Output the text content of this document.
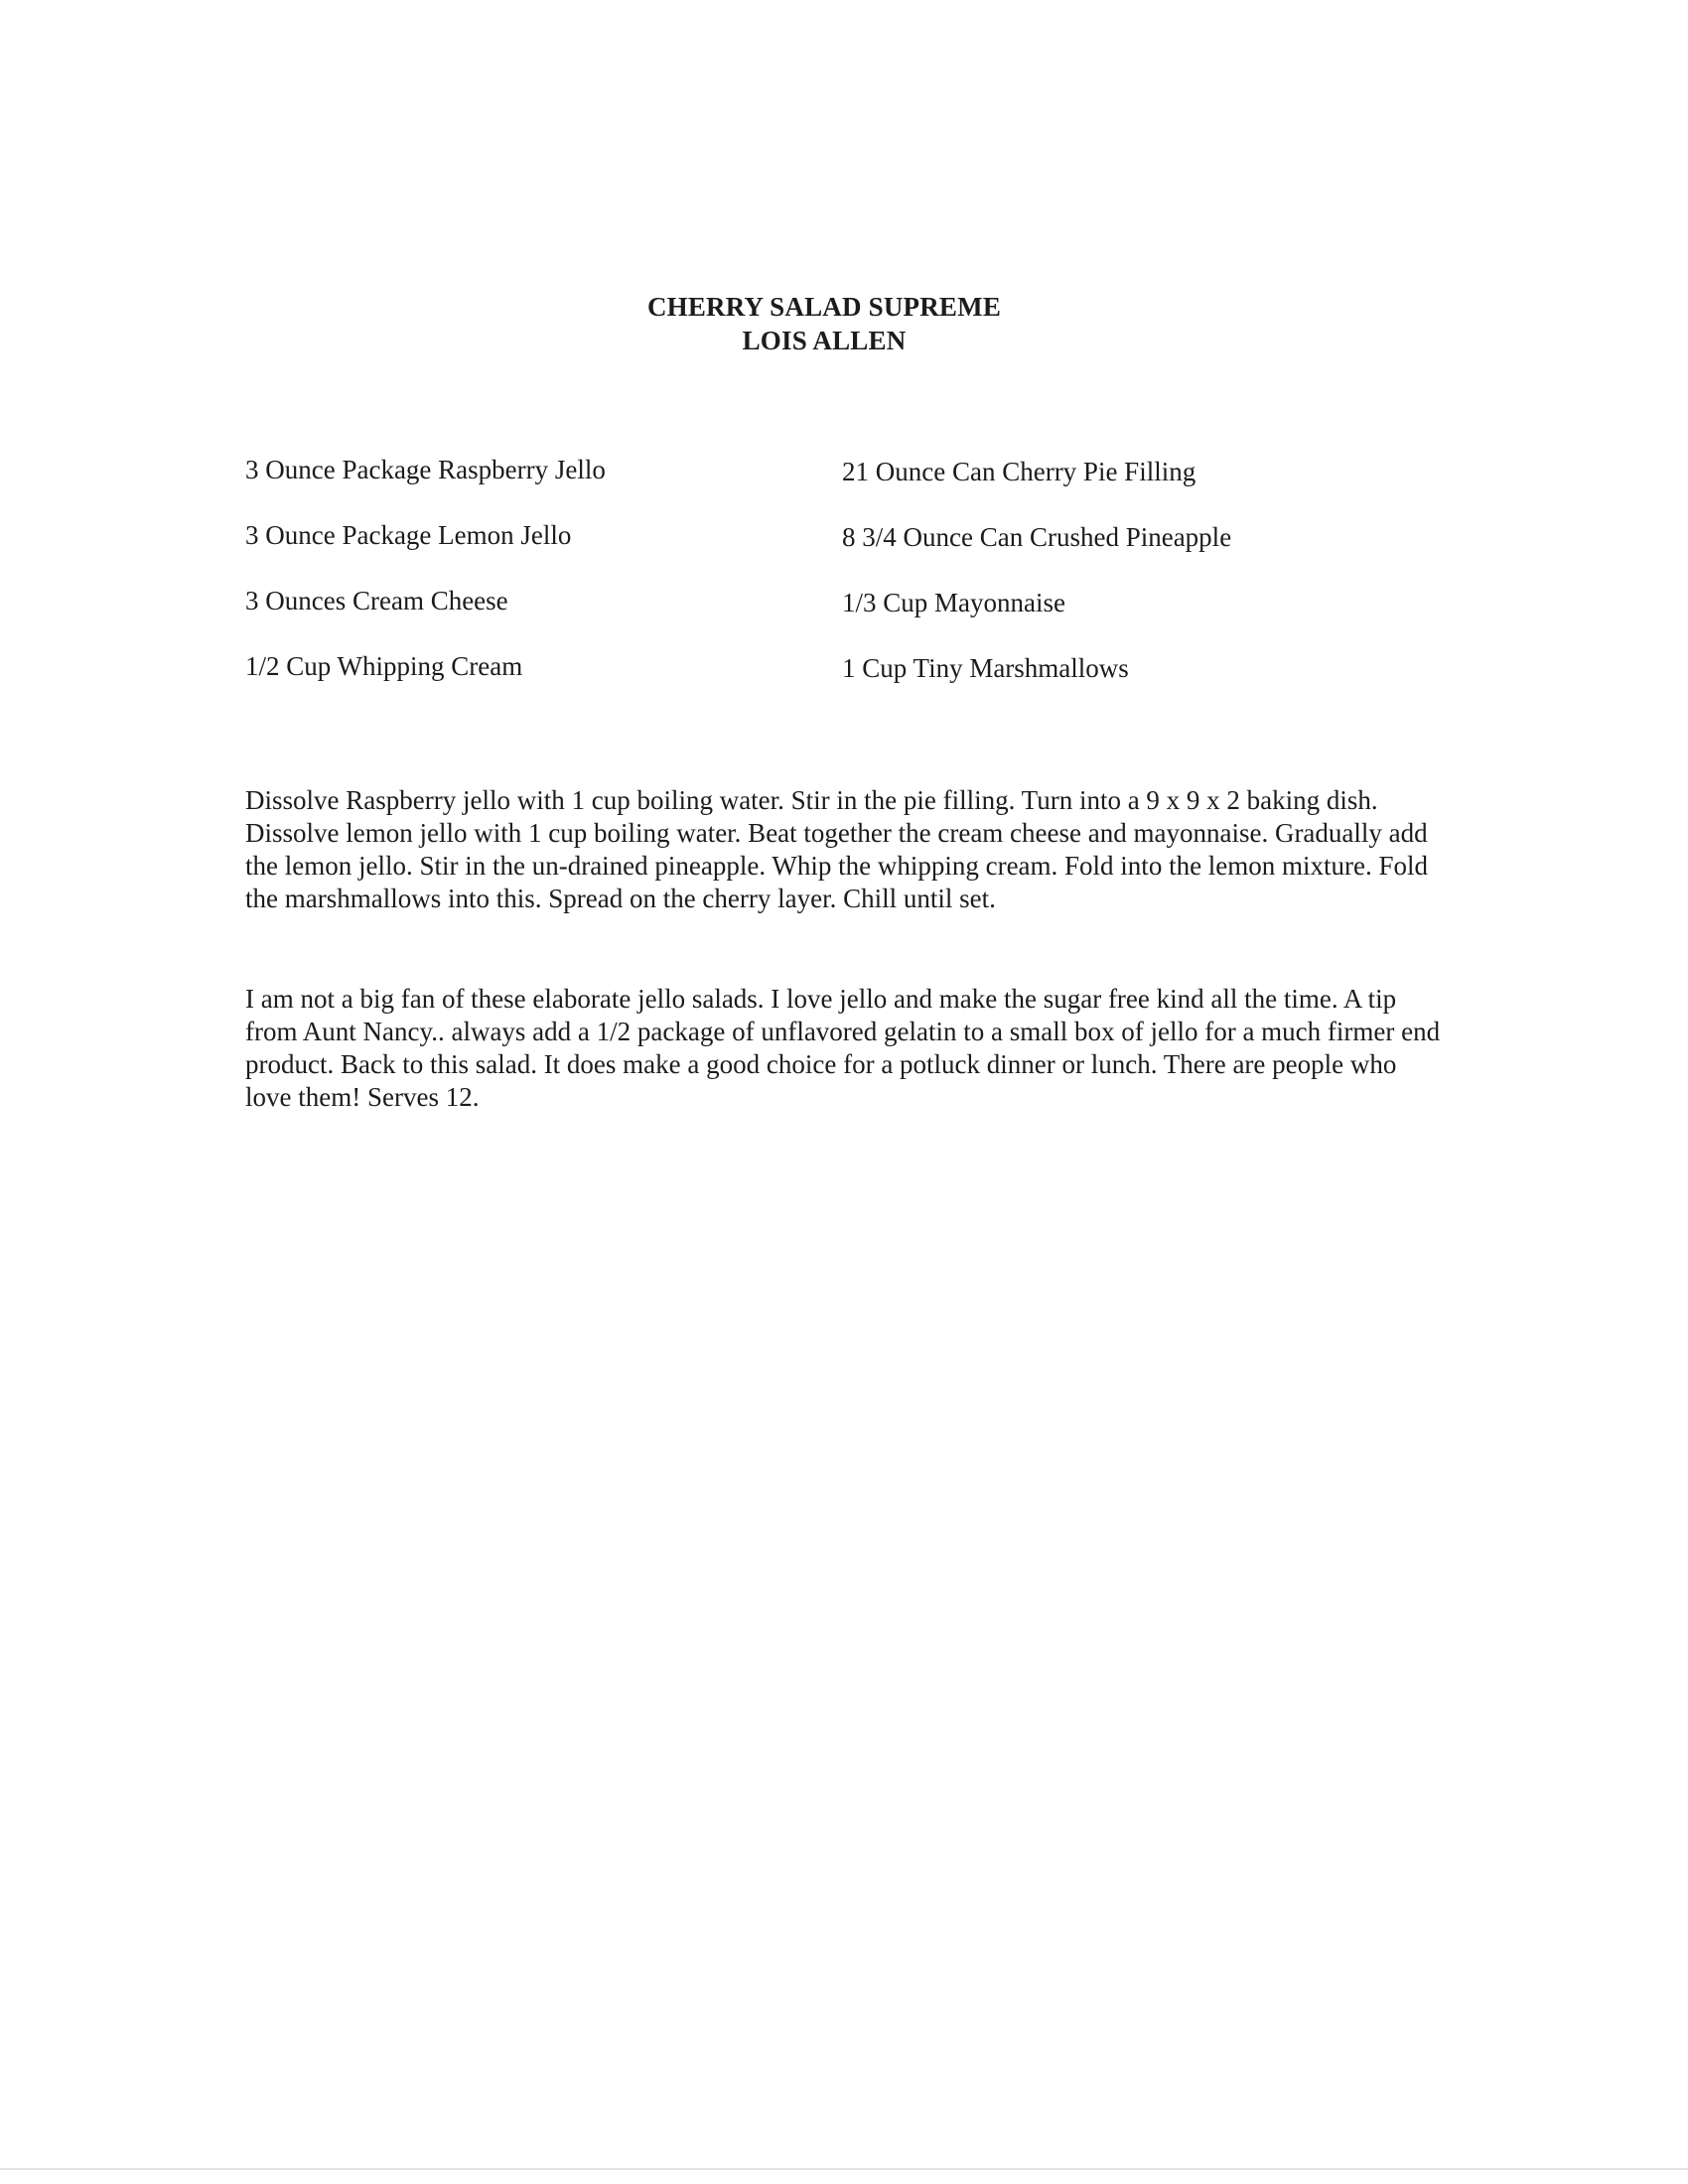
CHERRY SALAD SUPREME
LOIS ALLEN
3 Ounce Package Raspberry Jello	21 Ounce Can Cherry Pie Filling
3 Ounce Package Lemon Jello	8 3/4 Ounce Can Crushed Pineapple
3 Ounces Cream Cheese	1/3 Cup Mayonnaise
1/2 Cup Whipping Cream	1 Cup Tiny Marshmallows

Dissolve Raspberry jello with 1 cup boiling water. Stir in the pie filling. Turn into a 9 x 9 x 2 baking dish. Dissolve lemon jello with 1 cup boiling water. Beat together the cream cheese and mayonnaise. Gradually add the lemon jello. Stir in the un-drained pineapple. Whip the whipping cream. Fold into the lemon mixture. Fold the marshmallows into this. Spread on the cherry layer. Chill until set.

I am not a big fan of these elaborate jello salads. I love jello and make the sugar free kind all the time. A tip from Aunt Nancy.. always add a 1/2 package of unflavored gelatin to a small box of jello for a much firmer end product. Back to this salad. It does make a good choice for a potluck dinner or lunch. There are people who love them! Serves 12.
